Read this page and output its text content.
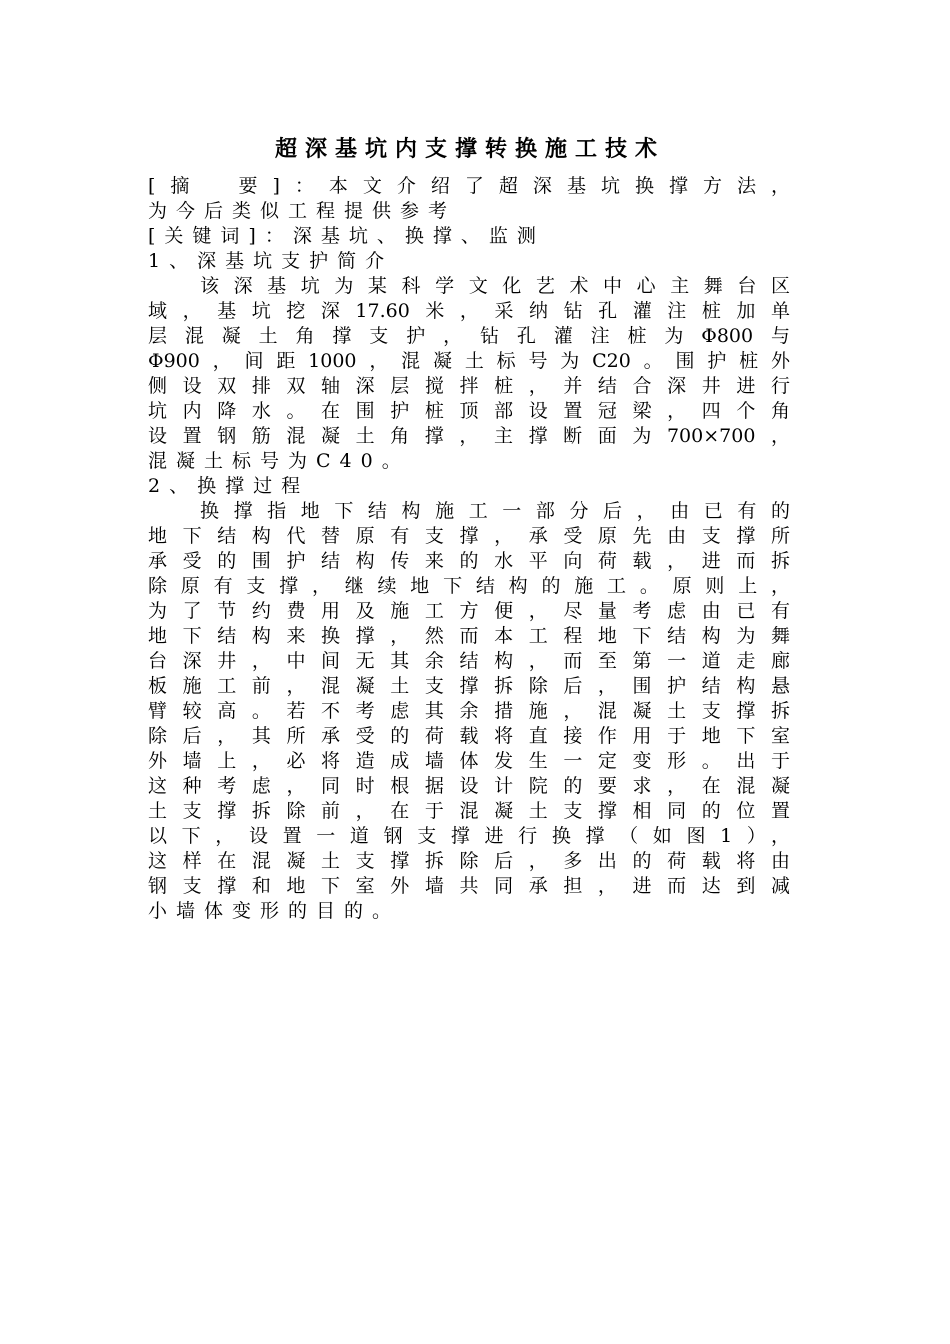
超深基坑内支撑转换施工技术
[摘　要]：本文介绍了超深基坑换撑方法，
为今后类似工程提供参考
[关键词]：深基坑、换撑、监测
1、深基坑支护简介
该深基坑为某科学文化艺术中心主舞台区
域，基坑挖深17.60米，采纳钻孔灌注桩加单
层混凝土角撑支护，钻孔灌注桩为Φ800与
Φ900，间距1000，混凝土标号为C20。围护桩外
侧设双排双轴深层搅拌桩，并结合深井进行
坑内降水。在围护桩顶部设置冠梁，四个角
设置钢筋混凝土角撑，主撑断面为700×700，
混凝土标号为C40。
2、换撑过程
换撑指地下结构施工一部分后，由已有的
地下结构代替原有支撑，承受原先由支撑所
承受的围护结构传来的水平向荷载，进而拆
除原有支撑，继续地下结构的施工。原则上，
为了节约费用及施工方便，尽量考虑由已有
地下结构来换撑，然而本工程地下结构为舞
台深井，中间无其余结构，而至第一道走廊
板施工前，混凝土支撑拆除后，围护结构悬
臂较高。若不考虑其余措施，混凝土支撑拆
除后，其所承受的荷载将直接作用于地下室
外墙上，必将造成墙体发生一定变形。出于
这种考虑，同时根据设计院的要求，在混凝
土支撑拆除前，在于混凝土支撑相同的位置
以下，设置一道钢支撑进行换撑（如图1），
这样在混凝土支撑拆除后，多出的荷载将由
钢支撑和地下室外墙共同承担，进而达到减
小墙体变形的目的。
